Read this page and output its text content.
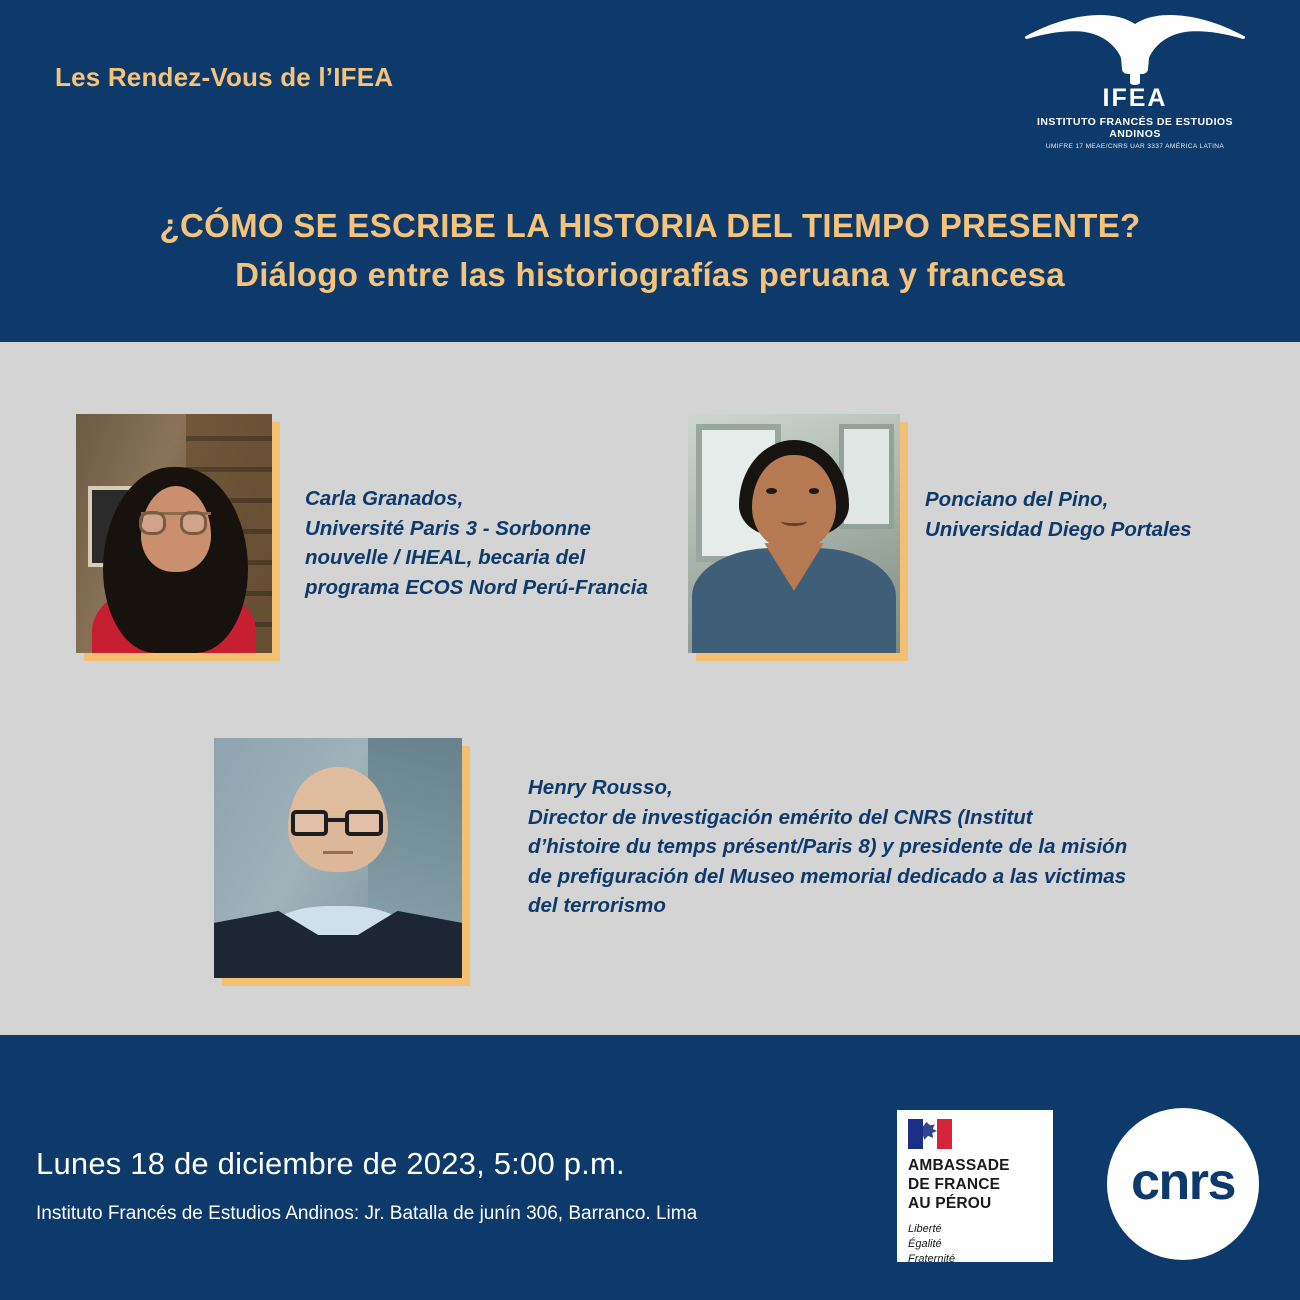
Les Rendez-Vous de l’IFEA
IFEA
INSTITUTO FRANCÉS DE ESTUDIOS ANDINOS
UMIFRE 17 MEAE/CNRS UAR 3337 AMÉRICA LATINA
¿CÓMO SE ESCRIBE LA HISTORIA DEL TIEMPO PRESENTE?
Diálogo entre las historiografías peruana y francesa
Carla Granados,
Université Paris 3 - Sorbonne nouvelle / IHEAL, becaria del programa ECOS Nord Perú-Francia
Ponciano del Pino,
Universidad Diego Portales
Henry Rousso,
Director de investigación emérito del CNRS (Institut d’histoire du temps présent/Paris 8) y presidente de la misión de prefiguración del Museo memorial dedicado a las victimas del terrorismo
Lunes 18 de diciembre de 2023, 5:00 p.m.
Instituto Francés de Estudios Andinos: Jr. Batalla de junín 306, Barranco. Lima
AMBASSADE
DE FRANCE
AU PÉROU
Liberté
Égalité
Fraternité
cnrs
